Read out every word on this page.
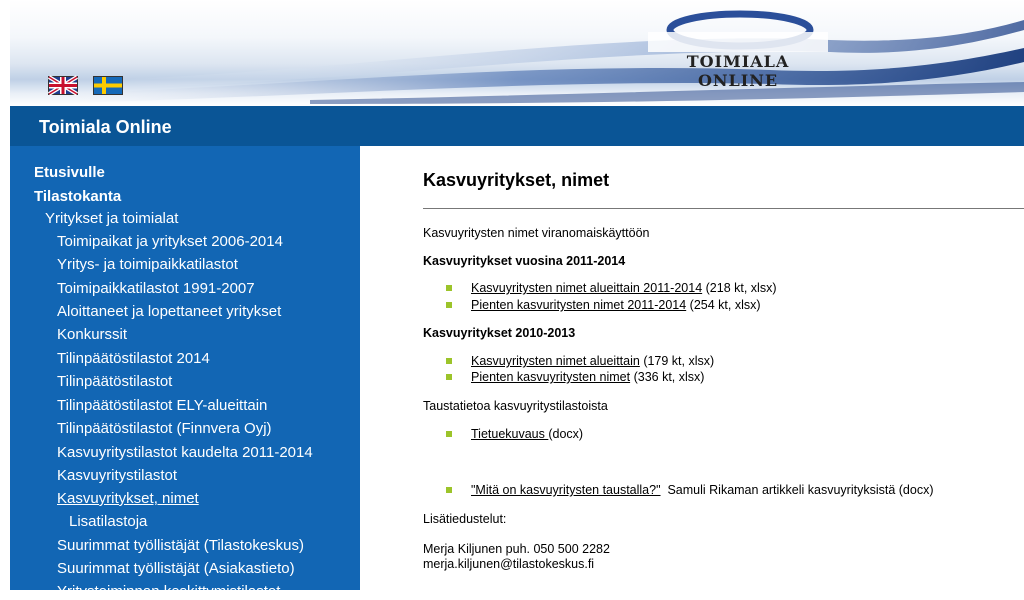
TOIMIALA ONLINE
Toimiala Online
Etusivulle
Tilastokanta
Yritykset ja toimialat
Toimipaikat ja yritykset 2006-2014
Yritys- ja toimipaikkatilastot
Toimipaikkatilastot 1991-2007
Aloittaneet ja lopettaneet yritykset
Konkurssit
Tilinpäätöstilastot 2014
Tilinpäätöstilastot
Tilinpäätöstilastot ELY-alueittain
Tilinpäätöstilastot (Finnvera Oyj)
Kasvuyritystilastot kaudelta 2011-2014
Kasvuyritystilastot
Kasvuyritykset, nimet
Lisatilastoja
Suurimmat työllistäjät (Tilastokeskus)
Suurimmat työllistäjät (Asiakastieto)
Yritystoiminnan keskittymistilastot
Kasvuyritykset, nimet
Kasvuyritysten nimet viranomaiskäyttöön
Kasvuyritykset vuosina 2011-2014
Kasvuyritysten nimet alueittain 2011-2014 (218 kt, xlsx)
Pienten kasvuritysten nimet 2011-2014 (254 kt, xlsx)
Kasvuyritykset 2010-2013
Kasvuyritysten nimet alueittain (179 kt, xlsx)
Pienten kasvuyritysten nimet (336 kt, xlsx)
Taustatietoa kasvuyritystilastoista
Tietuekuvaus (docx)
"Mitä on kasvuyritysten taustalla?"  Samuli Rikaman artikkeli kasvuyrityksistä (docx)
Lisätiedustelut:
Merja Kiljunen puh. 050 500 2282
merja.kiljunen@tilastokeskus.fi
